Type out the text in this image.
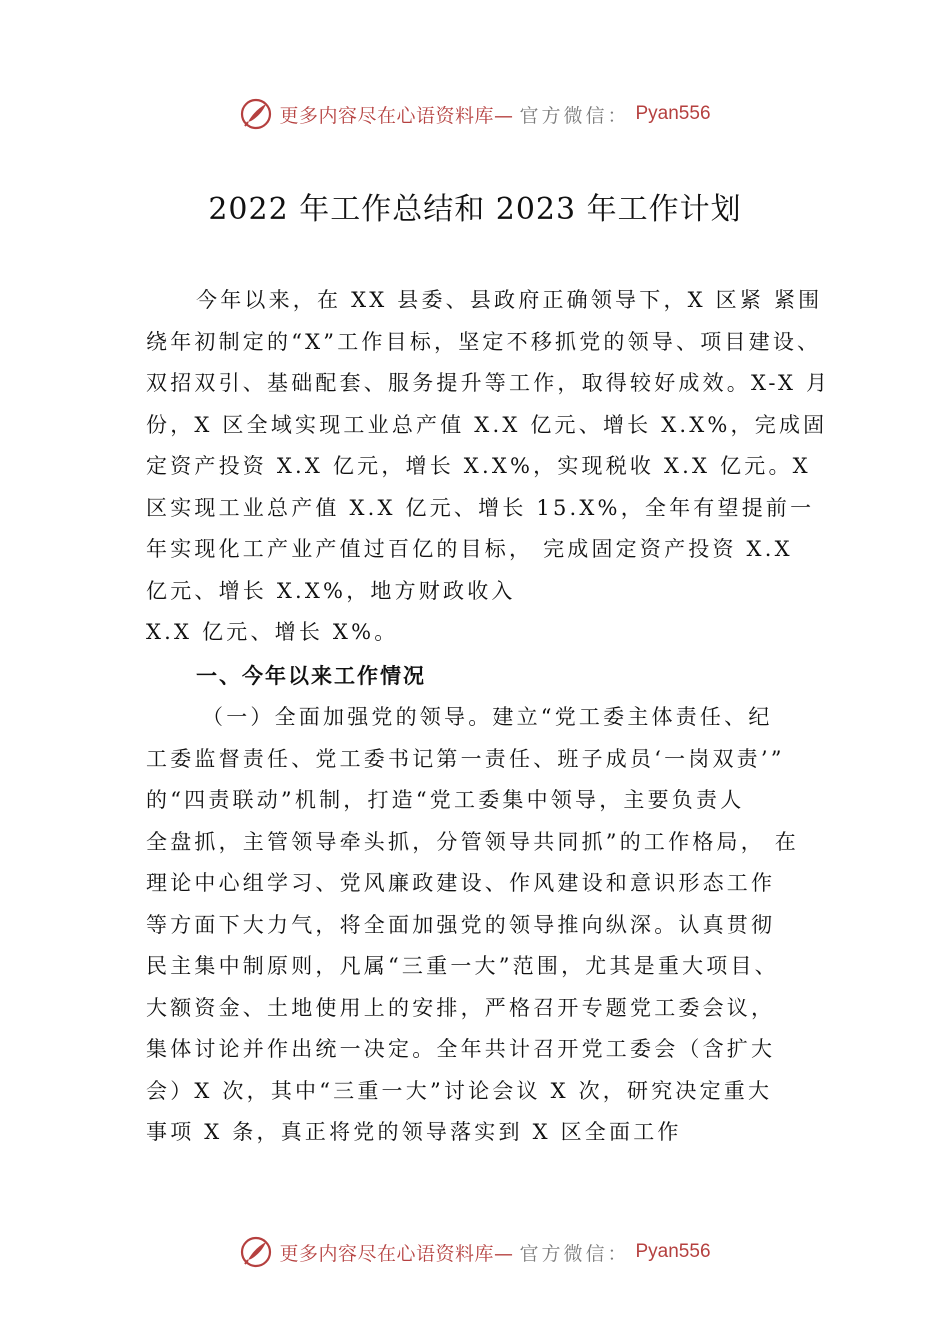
更多内容尽在心语资料库— 官方微信： Pyan556
2022 年工作总结和 2023 年工作计划
今年以来，在 XX 县委、县政府正确领导下，X 区紧 紧围
绕年初制定的“X”工作目标，坚定不移抓党的领导、项目建设、
双招双引、基础配套、服务提升等工作，取得较好成效。X-X 月
份，X 区全域实现工业总产值 X.X 亿元、增长 X.X%，完成固
定资产投资 X.X 亿元，增长 X.X%，实现税收 X.X 亿元。X
区实现工业总产值 X.X 亿元、增长 15.X%，全年有望提前一
年实现化工产业产值过百亿的目标， 完成固定资产投资 X.X
亿元、增长 X.X%，地方财政收入
X.X 亿元、增长 X%。
一、今年以来工作情况
（一）全面加强党的领导。建立“党工委主体责任、纪
工委监督责任、党工委书记第一责任、班子成员‘一岗双责’”
的“四责联动”机制，打造“党工委集中领导，主要负责人
全盘抓，主管领导牵头抓，分管领导共同抓”的工作格局， 在
理论中心组学习、党风廉政建设、作风建设和意识形态工作
等方面下大力气，将全面加强党的领导推向纵深。认真贯彻
民主集中制原则，凡属“三重一大”范围，尤其是重大项目、
大额资金、土地使用上的安排，严格召开专题党工委会议，
集体讨论并作出统一决定。全年共计召开党工委会（含扩大
会）X 次，其中“三重一大”讨论会议 X 次，研究决定重大
事项 X 条，真正将党的领导落实到 X 区全面工作
更多内容尽在心语资料库— 官方微信： Pyan556
